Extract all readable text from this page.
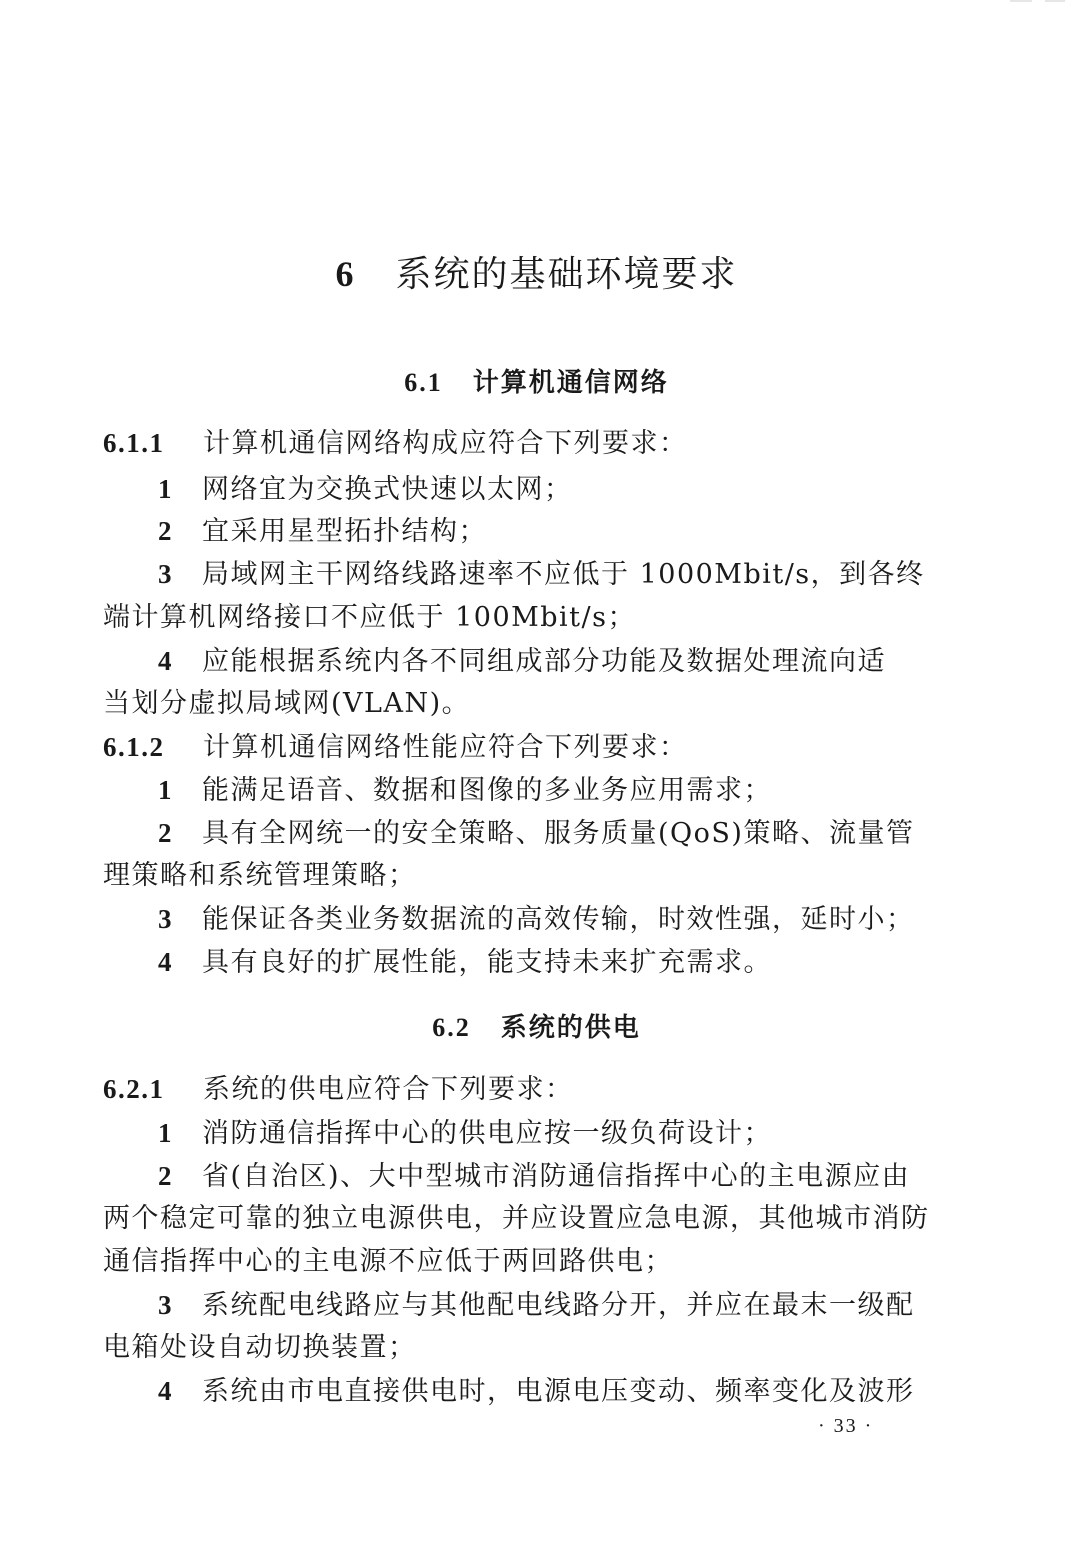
6 系统的基础环境要求
6.1 计算机通信网络
6.1.1 计算机通信网络构成应符合下列要求：
1 网络宜为交换式快速以太网；
2 宜采用星型拓扑结构；
3 局域网主干网络线路速率不应低于 1000Mbit/s，到各终
端计算机网络接口不应低于 100Mbit/s；
4 应能根据系统内各不同组成部分功能及数据处理流向适
当划分虚拟局域网(VLAN)。
6.1.2 计算机通信网络性能应符合下列要求：
1 能满足语音、数据和图像的多业务应用需求；
2 具有全网统一的安全策略、服务质量(QoS)策略、流量管
理策略和系统管理策略；
3 能保证各类业务数据流的高效传输，时效性强，延时小；
4 具有良好的扩展性能，能支持未来扩充需求。
6.2 系统的供电
6.2.1 系统的供电应符合下列要求：
1 消防通信指挥中心的供电应按一级负荷设计；
2 省(自治区)、大中型城市消防通信指挥中心的主电源应由
两个稳定可靠的独立电源供电，并应设置应急电源，其他城市消防
通信指挥中心的主电源不应低于两回路供电；
3 系统配电线路应与其他配电线路分开，并应在最末一级配
电箱处设自动切换装置；
4 系统由市电直接供电时，电源电压变动、频率变化及波形
· 33 ·
